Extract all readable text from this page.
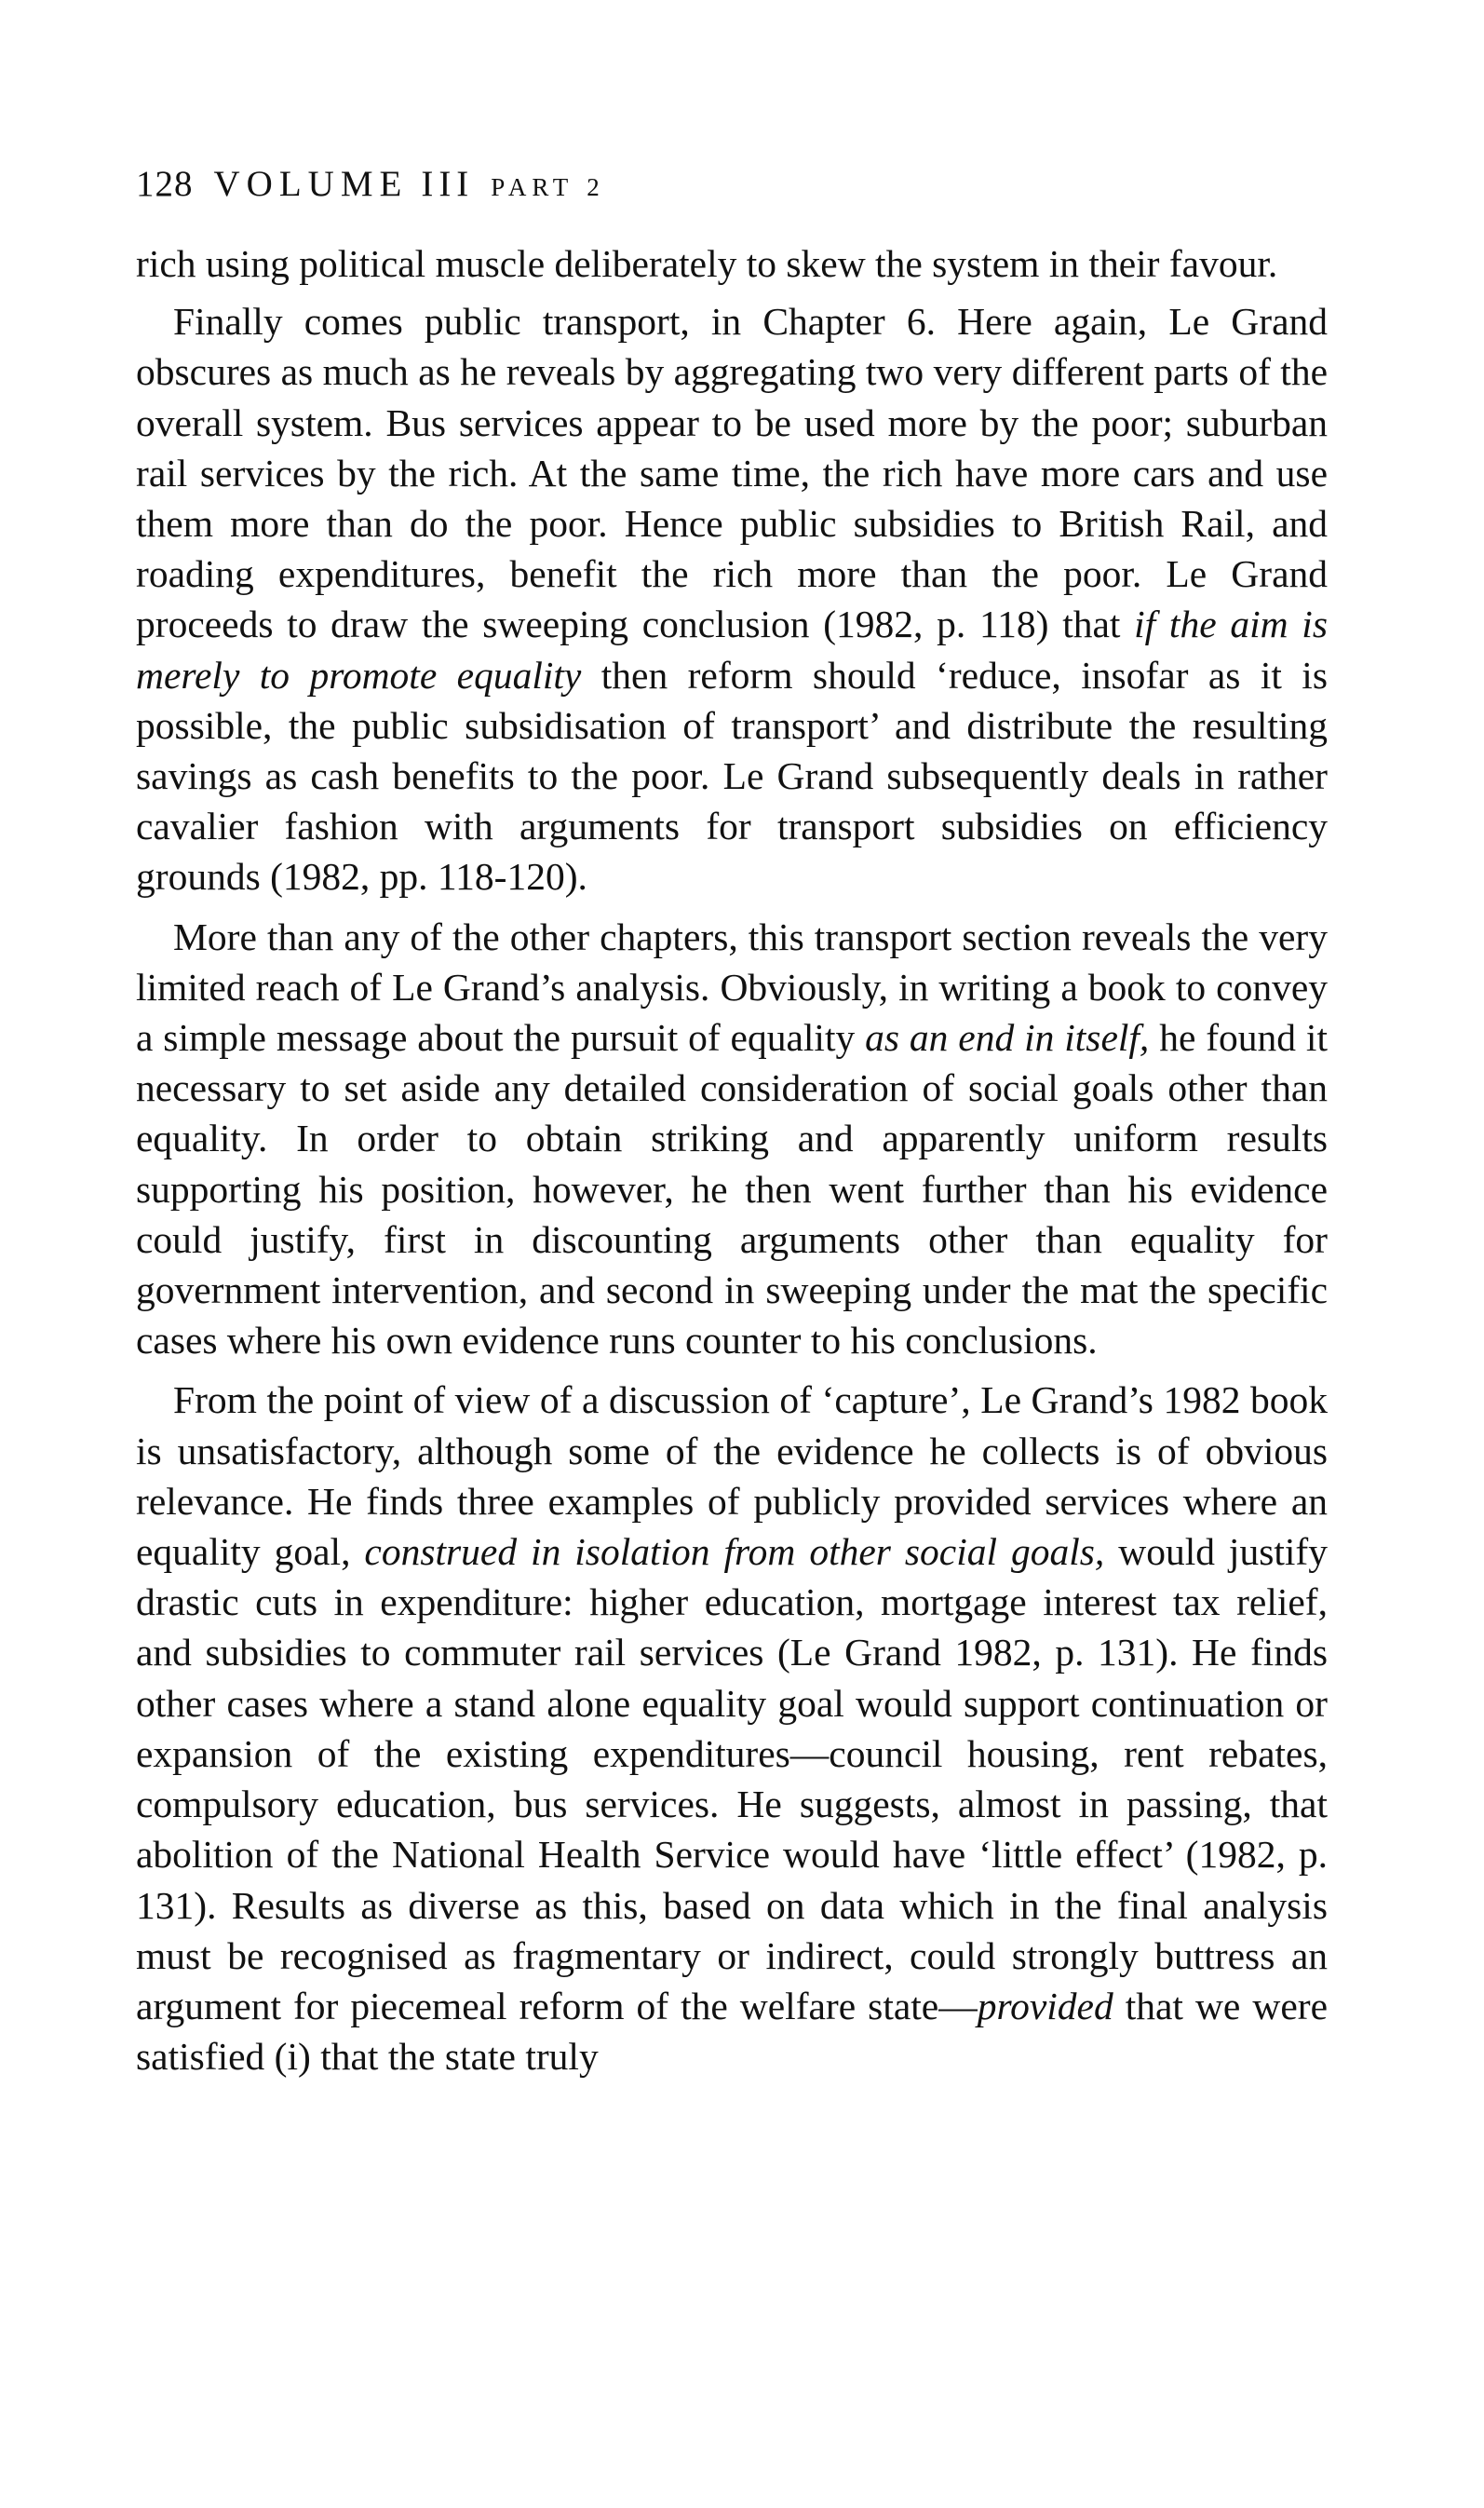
128 VOLUME III PART 2

rich using political muscle deliberately to skew the system in their favour.

Finally comes public transport, in Chapter 6. Here again, Le Grand obscures as much as he reveals by aggregating two very different parts of the overall system. Bus services appear to be used more by the poor; suburban rail services by the rich. At the same time, the rich have more cars and use them more than do the poor. Hence public subsidies to British Rail, and roading expenditures, benefit the rich more than the poor. Le Grand proceeds to draw the sweeping conclusion (1982, p. 118) that if the aim is merely to promote equality then reform should ‘reduce, insofar as it is possible, the public subsidisation of transport’ and distribute the resulting savings as cash benefits to the poor. Le Grand subsequently deals in rather cavalier fashion with arguments for transport subsidies on efficiency grounds (1982, pp. 118-120).

More than any of the other chapters, this transport section reveals the very limited reach of Le Grand’s analysis. Obviously, in writing a book to convey a simple message about the pursuit of equality as an end in itself, he found it necessary to set aside any detailed consideration of social goals other than equality. In order to obtain striking and apparently uniform results supporting his position, however, he then went further than his evidence could justify, first in discounting arguments other than equality for government intervention, and second in sweeping under the mat the specific cases where his own evidence runs counter to his conclusions.

From the point of view of a discussion of ‘capture’, Le Grand’s 1982 book is unsatisfactory, although some of the evidence he collects is of obvious relevance. He finds three examples of publicly provided services where an equality goal, construed in isolation from other social goals, would justify drastic cuts in expenditure: higher education, mortgage interest tax relief, and subsidies to commuter rail services (Le Grand 1982, p. 131). He finds other cases where a stand alone equality goal would support continuation or expansion of the existing expenditures—council housing, rent rebates, compulsory education, bus services. He suggests, almost in passing, that abolition of the National Health Service would have ‘little effect’ (1982, p. 131). Results as diverse as this, based on data which in the final analysis must be recognised as fragmentary or indirect, could strongly buttress an argument for piecemeal reform of the welfare state—provided that we were satisfied (i) that the state truly
